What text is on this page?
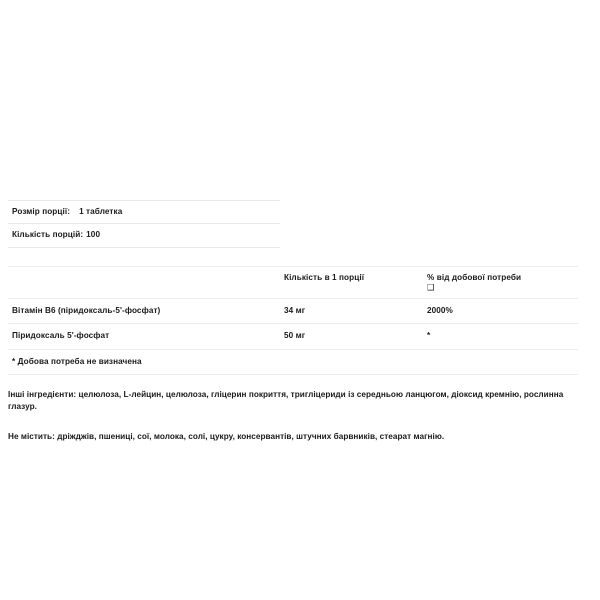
Розмір порції: 1 таблетка		
Кількість порцій: 100		

	Кількість в 1 порції	% від добової потреби
❑

Вітамін B6 (піридоксаль-5'-фосфат)	34 мг	2000%
Піридоксаль 5'-фосфат	50 мг	*
* Добова потреба не визначена		

Інші інгредієнти: целюлоза, L-лейцин, целюлоза, гліцерин покриття, тригліцериди із середньою ланцюгом, діоксид кремнію, рослинна глазур.

Не містить: дріжджів, пшениці, сої, молока, солі, цукру, консервантів, штучних барвників, стеарат магнію.
